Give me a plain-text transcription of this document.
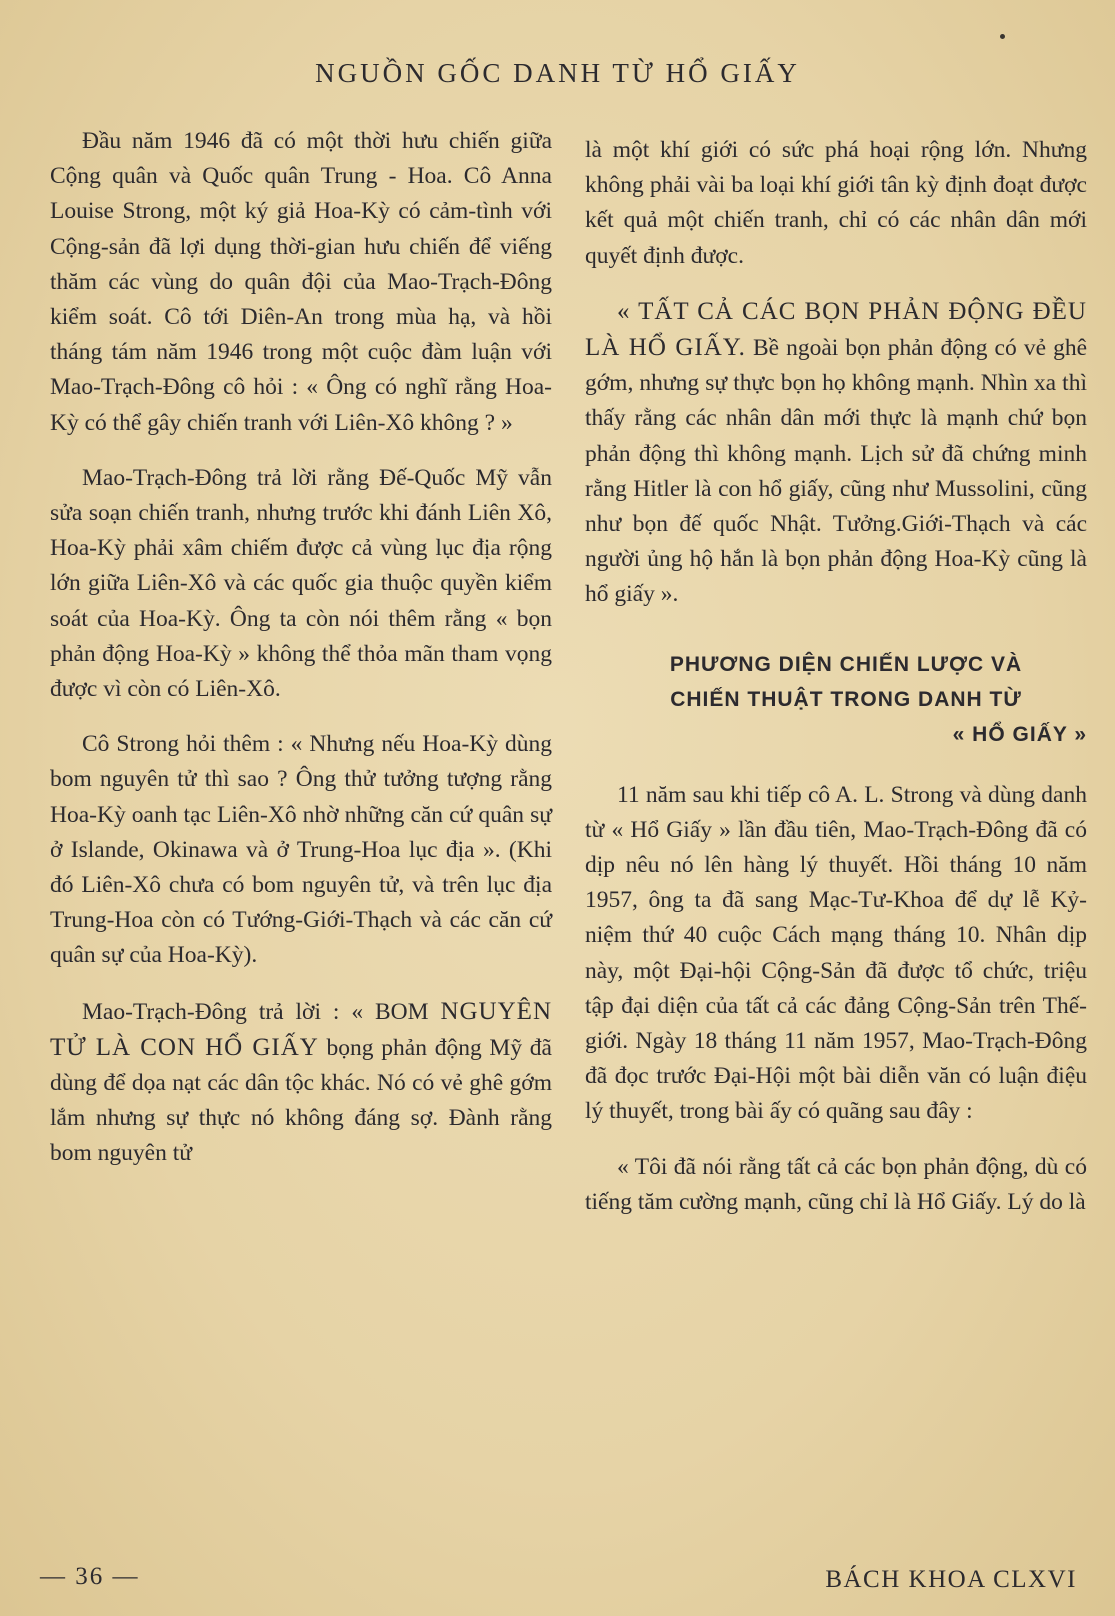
NGUỒN GỐC DANH TỪ HỔ GIẤY

Đầu năm 1946 đã có một thời hưu chiến giữa Cộng quân và Quốc quân Trung - Hoa. Cô Anna Louise Strong, một ký giả Hoa-Kỳ có cảm-tình với Cộng-sản đã lợi dụng thời-gian hưu chiến để viếng thăm các vùng do quân đội của Mao-Trạch-Đông kiểm soát. Cô tới Diên-An trong mùa hạ, và hồi tháng tám năm 1946 trong một cuộc đàm luận với Mao-Trạch-Đông cô hỏi : « Ông có nghĩ rằng Hoa-Kỳ có thể gây chiến tranh với Liên-Xô không ? »

Mao-Trạch-Đông trả lời rằng Đế-Quốc Mỹ vẫn sửa soạn chiến tranh, nhưng trước khi đánh Liên Xô, Hoa-Kỳ phải xâm chiếm được cả vùng lục địa rộng lớn giữa Liên-Xô và các quốc gia thuộc quyền kiểm soát của Hoa-Kỳ. Ông ta còn nói thêm rằng « bọn phản động Hoa-Kỳ » không thể thỏa mãn tham vọng được vì còn có Liên-Xô.

Cô Strong hỏi thêm : « Nhưng nếu Hoa-Kỳ dùng bom nguyên tử thì sao ? Ông thử tưởng tượng rằng Hoa-Kỳ oanh tạc Liên-Xô nhờ những căn cứ quân sự ở Islande, Okinawa và ở Trung-Hoa lục địa ». (Khi đó Liên-Xô chưa có bom nguyên tử, và trên lục địa Trung-Hoa còn có Tướng-Giới-Thạch và các căn cứ quân sự của Hoa-Kỳ).

Mao-Trạch-Đông trả lời : « BOM NGUYÊN TỬ LÀ CON HỔ GIẤY bọng phản động Mỹ đã dùng để dọa nạt các dân tộc khác. Nó có vẻ ghê gớm lắm nhưng sự thực nó không đáng sợ. Đành rằng bom nguyên tử

là một khí giới có sức phá hoại rộng lớn. Nhưng không phải vài ba loại khí giới tân kỳ định đoạt được kết quả một chiến tranh, chỉ có các nhân dân mới quyết định được.

« TẤT CẢ CÁC BỌN PHẢN ĐỘNG ĐỀU LÀ HỔ GIẤY. Bề ngoài bọn phản động có vẻ ghê gớm, nhưng sự thực bọn họ không mạnh. Nhìn xa thì thấy rằng các nhân dân mới thực là mạnh chứ bọn phản động thì không mạnh. Lịch sử đã chứng minh rằng Hitler là con hổ giấy, cũng như Mussolini, cũng như bọn đế quốc Nhật. Tưởng.Giới-Thạch và các người ủng hộ hắn là bọn phản động Hoa-Kỳ cũng là hổ giấy ».

PHƯƠNG DIỆN CHIẾN LƯỢC VÀ
CHIẾN THUẬT TRONG DANH TỪ
« HỔ GIẤY »

11 năm sau khi tiếp cô A. L. Strong và dùng danh từ « Hổ Giấy » lần đầu tiên, Mao-Trạch-Đông đã có dịp nêu nó lên hàng lý thuyết. Hồi tháng 10 năm 1957, ông ta đã sang Mạc-Tư-Khoa để dự lễ Kỷ-niệm thứ 40 cuộc Cách mạng tháng 10. Nhân dịp này, một Đại-hội Cộng-Sản đã được tổ chức, triệu tập đại diện của tất cả các đảng Cộng-Sản trên Thế-giới. Ngày 18 tháng 11 năm 1957, Mao-Trạch-Đông đã đọc trước Đại-Hội một bài diễn văn có luận điệu lý thuyết, trong bài ấy có quãng sau đây :

« Tôi đã nói rằng tất cả các bọn phản động, dù có tiếng tăm cường mạnh, cũng chỉ là Hổ Giấy. Lý do là

— 36 —	BÁCH KHOA CLXVI
